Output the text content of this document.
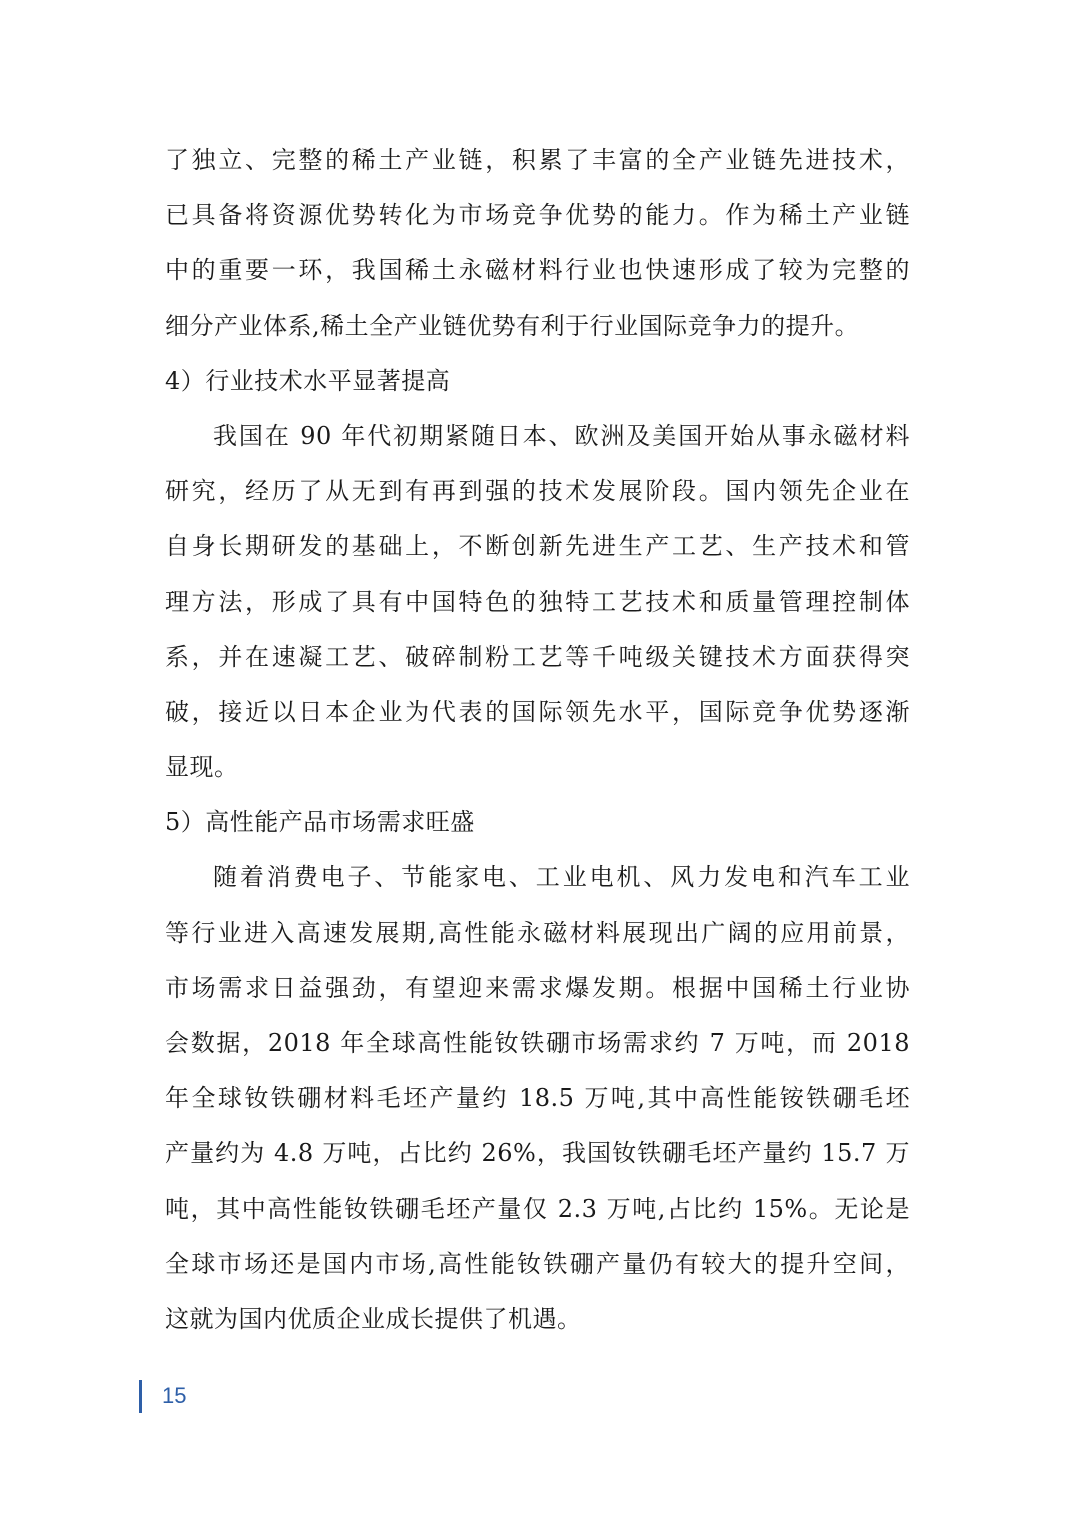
了独立、完整的稀土产业链，积累了丰富的全产业链先进技术，
已具备将资源优势转化为市场竞争优势的能力。作为稀土产业链
中的重要一环，我国稀土永磁材料行业也快速形成了较为完整的
细分产业体系,稀土全产业链优势有利于行业国际竞争力的提升。
4）行业技术水平显著提高
我国在 90 年代初期紧随日本、欧洲及美国开始从事永磁材料
研究，经历了从无到有再到强的技术发展阶段。国内领先企业在
自身长期研发的基础上，不断创新先进生产工艺、生产技术和管
理方法，形成了具有中国特色的独特工艺技术和质量管理控制体
系，并在速凝工艺、破碎制粉工艺等千吨级关键技术方面获得突
破，接近以日本企业为代表的国际领先水平，国际竞争优势逐渐
显现。
5）高性能产品市场需求旺盛
随着消费电子、节能家电、工业电机、风力发电和汽车工业
等行业进入高速发展期,高性能永磁材料展现出广阔的应用前景，
市场需求日益强劲，有望迎来需求爆发期。根据中国稀土行业协
会数据，2018 年全球高性能钕铁硼市场需求约 7 万吨，而 2018
年全球钕铁硼材料毛坯产量约 18.5 万吨,其中高性能铵铁硼毛坯
产量约为 4.8 万吨，占比约 26%，我国钕铁硼毛坯产量约 15.7 万
吨，其中高性能钕铁硼毛坯产量仅 2.3 万吨,占比约 15%。无论是
全球市场还是国内市场,高性能钕铁硼产量仍有较大的提升空间，
这就为国内优质企业成长提供了机遇。
15
